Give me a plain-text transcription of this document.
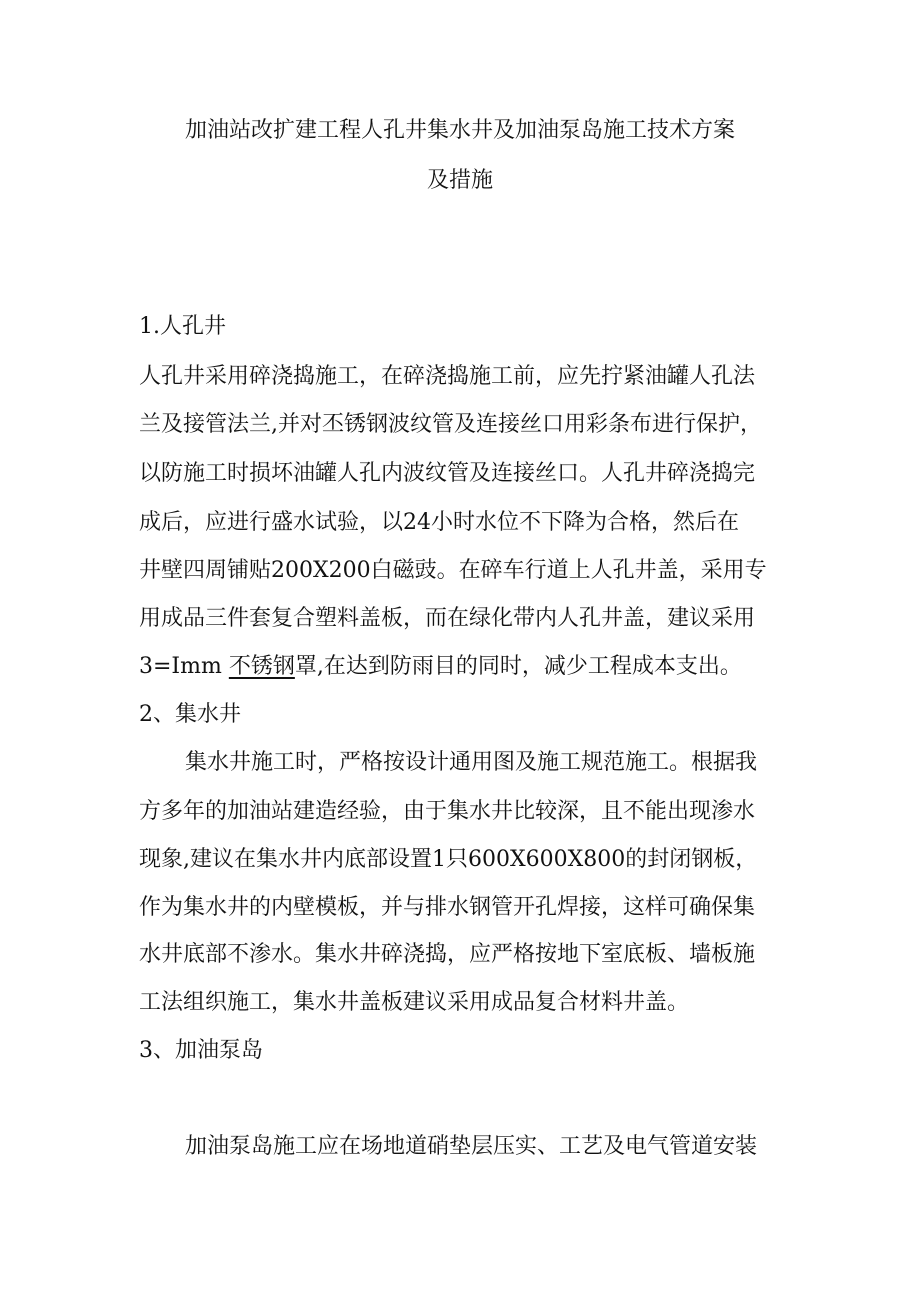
加油站改扩建工程人孔井集水井及加油泵岛施工技术方案
及措施
1.人孔井
人孔井采用碎浇捣施工，在碎浇捣施工前，应先拧紧油罐人孔法
兰及接管法兰,并对丕锈钢波纹管及连接丝口用彩条布进行保护，
以防施工时损坏油罐人孔内波纹管及连接丝口。人孔井碎浇捣完
成后，应进行盛水试验，以24小时水位不下降为合格，然后在
井壁四周铺贴200X200白磁豉。在碎车行道上人孔井盖，采用专
用成品三件套复合塑料盖板，而在绿化带内人孔井盖，建议采用
3=Imm 不锈钢罩,在达到防雨目的同时，减少工程成本支出。
2、集水井
集水井施工时，严格按设计通用图及施工规范施工。根据我
方多年的加油站建造经验，由于集水井比较深，且不能出现渗水
现象,建议在集水井内底部设置1只600X600X800的封闭钢板，
作为集水井的内壁模板，并与排水钢管开孔焊接，这样可确保集
水井底部不渗水。集水井碎浇捣，应严格按地下室底板、墙板施
工法组织施工，集水井盖板建议采用成品复合材料井盖。
3、加油泵岛
加油泵岛施工应在场地道硝垫层压实、工艺及电气管道安装
